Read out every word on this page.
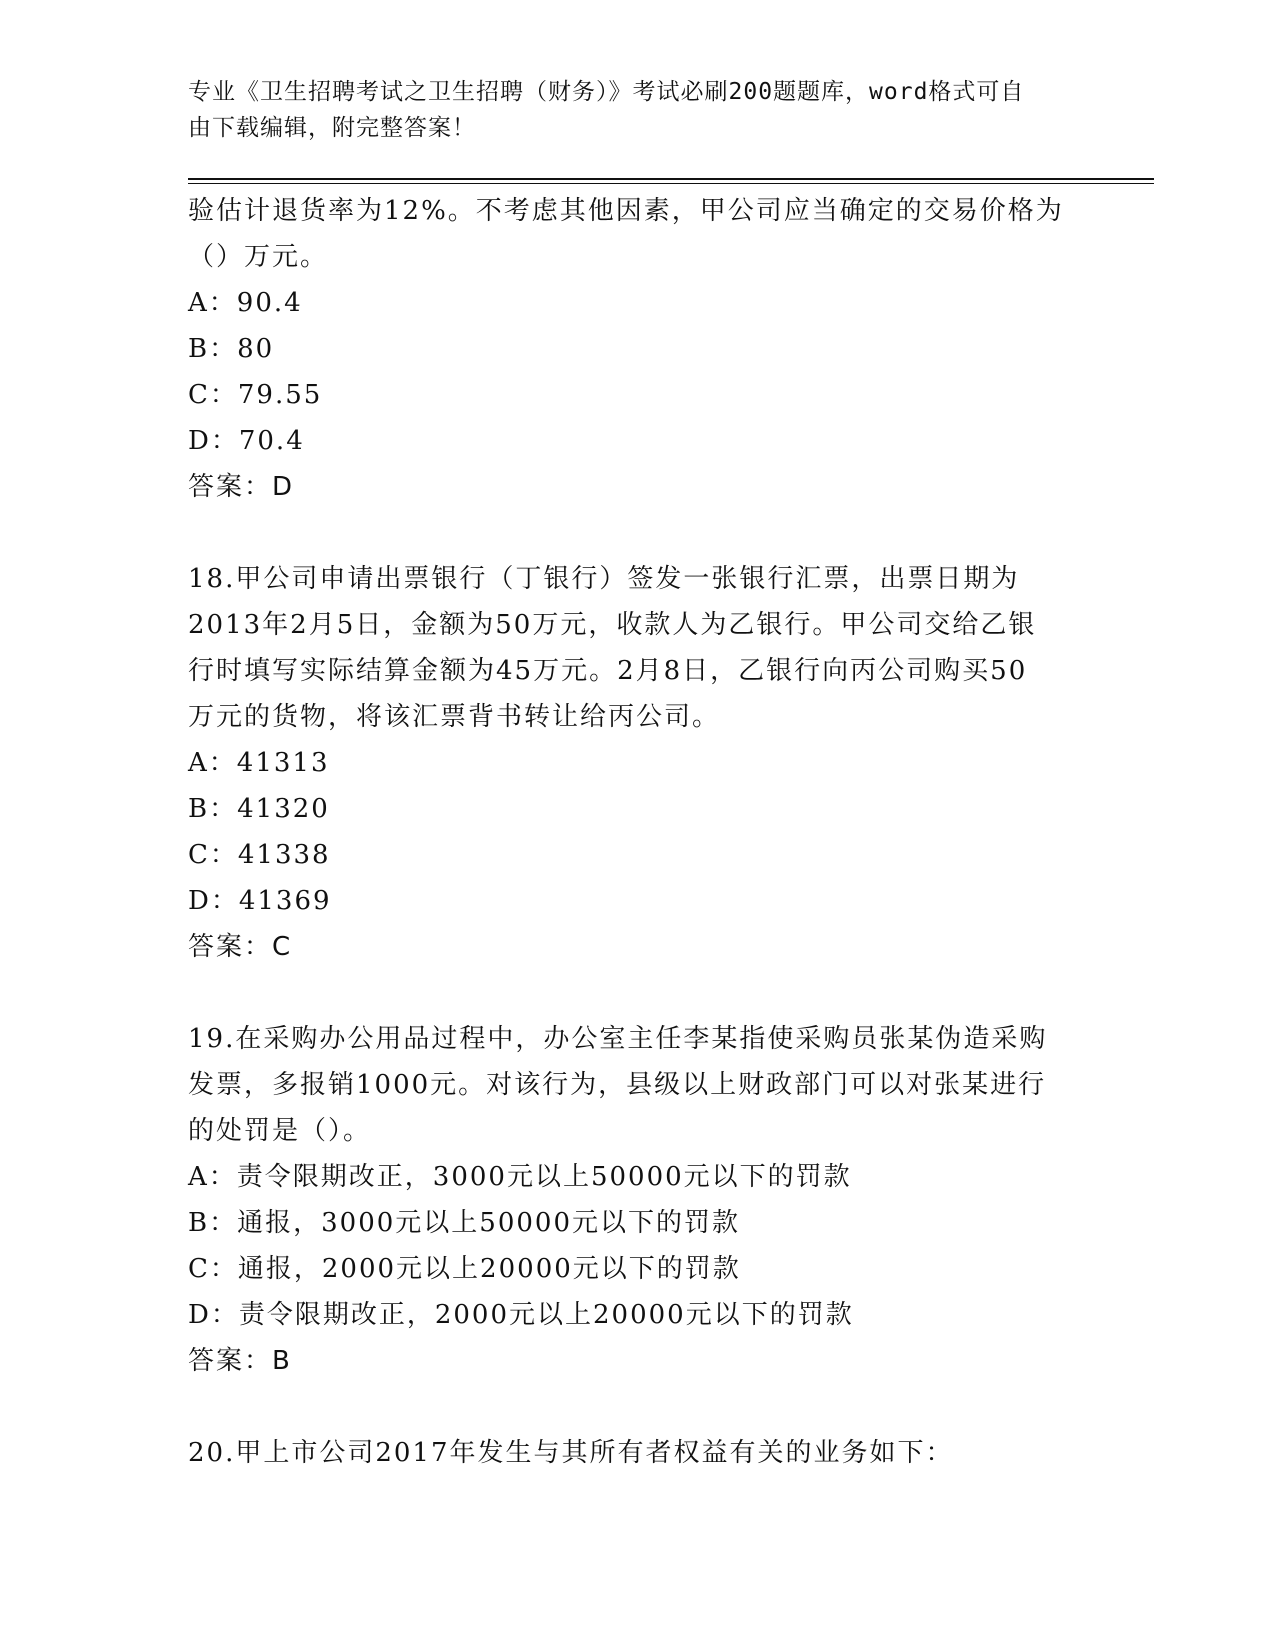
专业《卫生招聘考试之卫生招聘（财务）》考试必刷200题题库，word格式可自
由下载编辑，附完整答案！
验估计退货率为12%。不考虑其他因素，甲公司应当确定的交易价格为
（）万元。
A：90.4
B：80
C：79.55
D：70.4
答案：D
18.甲公司申请出票银行（丁银行）签发一张银行汇票，出票日期为
2013年2月5日，金额为50万元，收款人为乙银行。甲公司交给乙银
行时填写实际结算金额为45万元。2月8日，乙银行向丙公司购买50
万元的货物，将该汇票背书转让给丙公司。
A：41313
B：41320
C：41338
D：41369
答案：C
19.在采购办公用品过程中，办公室主任李某指使采购员张某伪造采购
发票，多报销1000元。对该行为，县级以上财政部门可以对张某进行
的处罚是（）。
A：责令限期改正，3000元以上50000元以下的罚款
B：通报，3000元以上50000元以下的罚款
C：通报，2000元以上20000元以下的罚款
D：责令限期改正，2000元以上20000元以下的罚款
答案：B
20.甲上市公司2017年发生与其所有者权益有关的业务如下：
